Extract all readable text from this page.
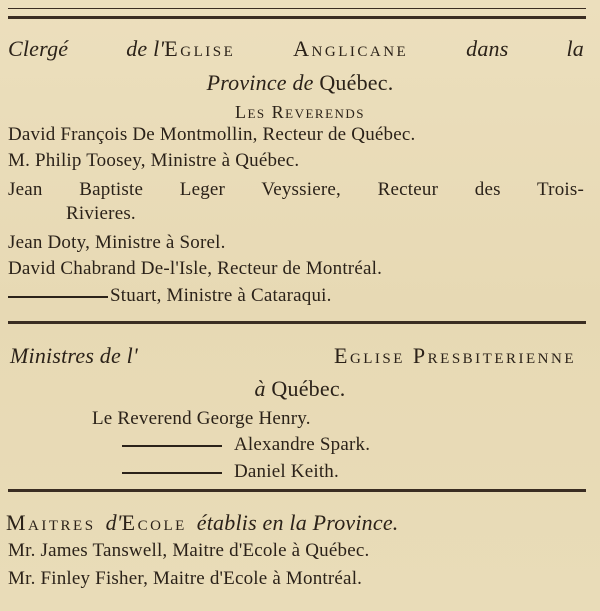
Clergé	de l'Eglise	Anglicane	dans	la
Province de Québec.
Les Reverends
David François De Montmollin, Recteur de Québec.
M. Philip Toosey, Ministre à Québec.
Jean Baptiste Leger Veyssiere, Recteur des Trois-
Rivieres.
Jean Doty, Ministre à Sorel.
David Chabrand De-l'Isle, Recteur de Montréal.
Stuart, Ministre à Cataraqui.
Ministres de l'	Eglise Presbiterienne
à Québec.
Le Reverend George Henry.
Alexandre Spark.
Daniel Keith.
Maitres d'Ecole établis en la Province.
Mr. James Tanswell, Maitre d'Ecole à Québec.
Mr. Finley Fisher, Maitre d'Ecole à Montréal.
